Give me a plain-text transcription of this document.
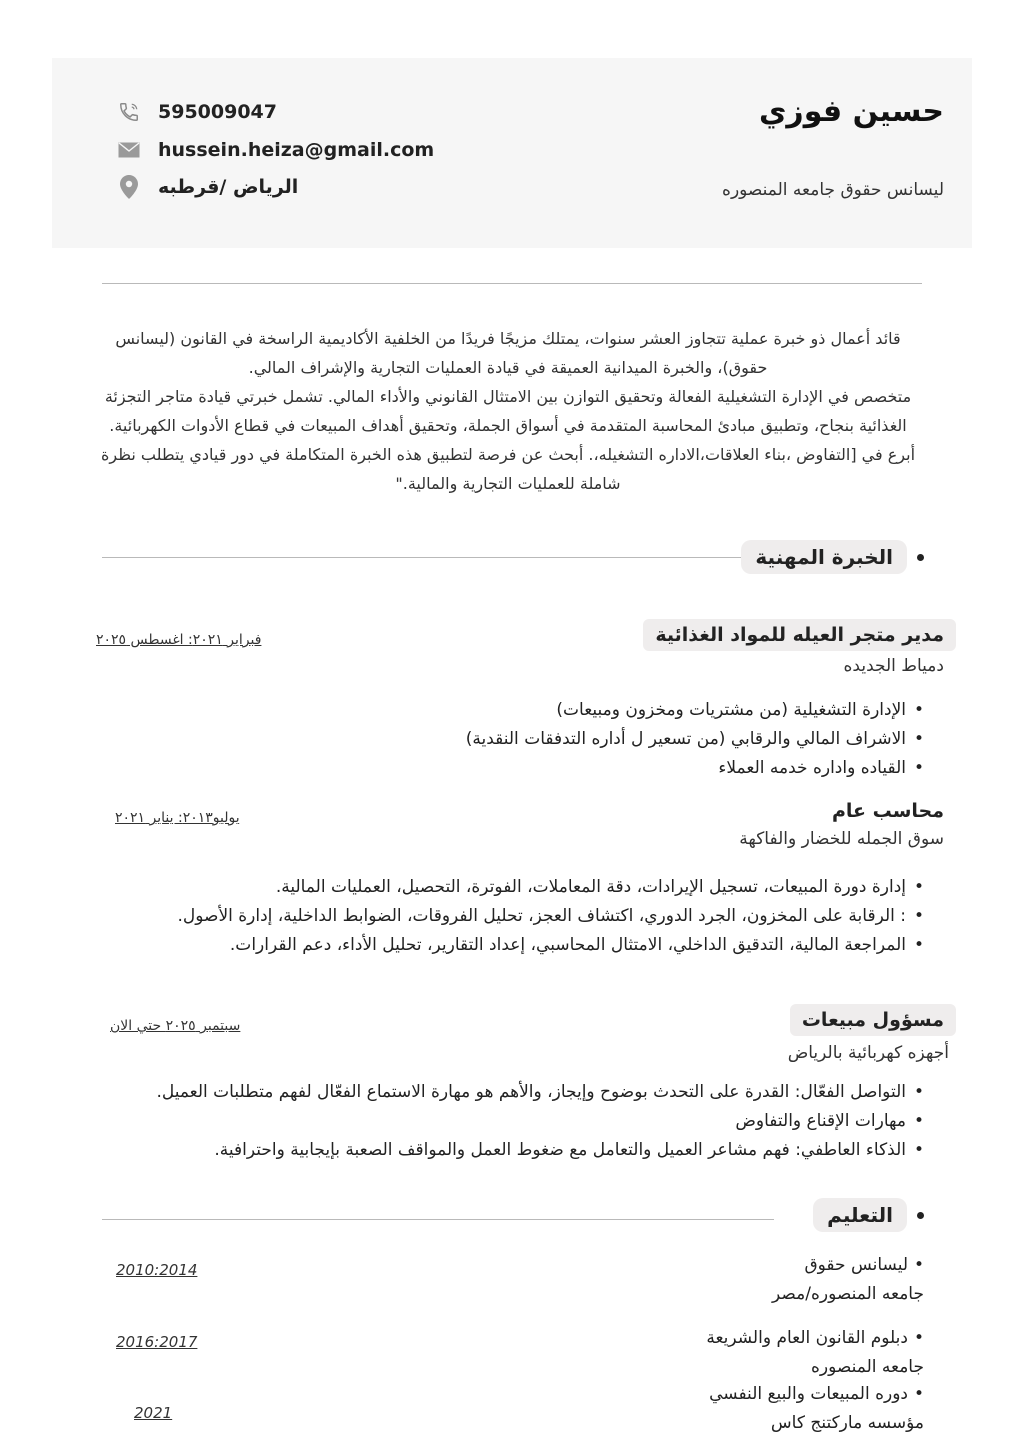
حسين فوزي
ليسانس حقوق جامعه المنصوره
595009047
hussein.heiza@gmail.com
الرياض /قرطبه

قائد أعمال ذو خبرة عملية تتجاوز العشر سنوات، يمتلك مزيجًا فريدًا من الخلفية الأكاديمية الراسخة في القانون (ليسانس حقوق)، والخبرة الميدانية العميقة في قيادة العمليات التجارية والإشراف المالي.

متخصص في الإدارة التشغيلية الفعالة وتحقيق التوازن بين الامتثال القانوني والأداء المالي. تشمل خبرتي قيادة متاجر التجزئة الغذائية بنجاح، وتطبيق مبادئ المحاسبة المتقدمة في أسواق الجملة، وتحقيق أهداف المبيعات في قطاع الأدوات الكهربائية.

أبرع في [التفاوض ،بناء العلاقات،الاداره التشغيله،. أبحث عن فرصة لتطبيق هذه الخبرة المتكاملة في دور قيادي يتطلب نظرة شاملة للعمليات التجارية والمالية."

الخبرة المهنية
مدير متجر العيله للمواد الغذائية
فبراير ٢٠٢١: اغسطس ٢٠٢٥
دمياط الجديده
• الإدارة التشغيلية (من مشتريات ومخزون ومبيعات)
• الاشراف المالي والرقابي (من تسعير ل أداره التدفقات النقدية)
• القياده واداره خدمه العملاء
محاسب عام
يوليو٢٠١٣: يناير ٢٠٢١
سوق الجمله للخضار والفاكهة
• إدارة دورة المبيعات، تسجيل الإيرادات، دقة المعاملات، الفوترة، التحصيل، العمليات المالية.
• : الرقابة على المخزون، الجرد الدوري، اكتشاف العجز، تحليل الفروقات، الضوابط الداخلية، إدارة الأصول.
• المراجعة المالية، التدقيق الداخلي، الامتثال المحاسبي، إعداد التقارير، تحليل الأداء، دعم القرارات.
مسؤول مبيعات
سبتمبر ٢٠٢٥ حتي الان
أجهزه كهربائية بالرياض
• التواصل الفعّال: القدرة على التحدث بوضوح وإيجاز، والأهم هو مهارة الاستماع الفعّال لفهم متطلبات العميل.
• مهارات الإقناع والتفاوض
• الذكاء العاطفي: فهم مشاعر العميل والتعامل مع ضغوط العمل والمواقف الصعبة بإيجابية واحترافية.
التعليم
• ليسانس حقوق
جامعه المنصوره/مصر
2010:2014
• دبلوم القانون العام والشريعة
جامعه المنصوره
2016:2017
• دوره المبيعات والبيع النفسي
مؤسسه ماركتنج كاس
2021
